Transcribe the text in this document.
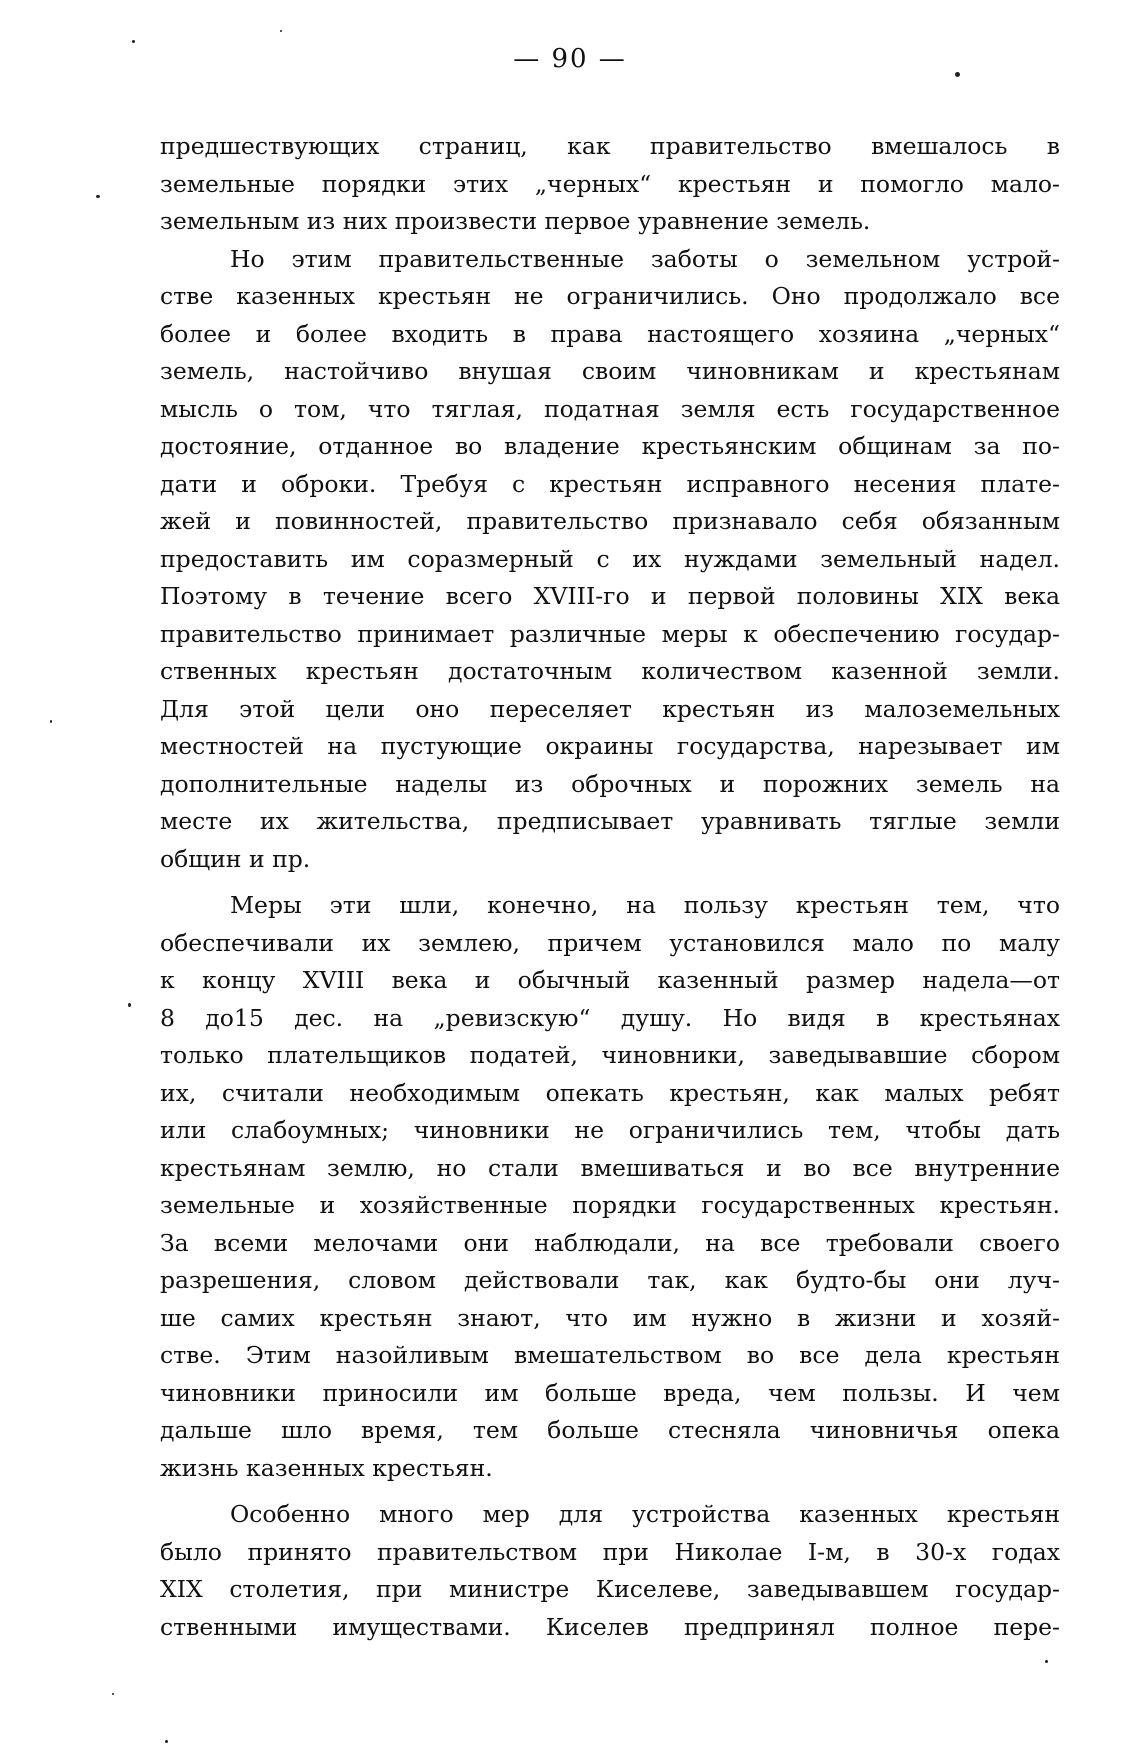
— 90 —
предшествующих страниц, как правительство вмешалось в
земельные порядки этих „черных“ крестьян и помогло мало-
земельным из них произвести первое уравнение земель.
Но этим правительственные заботы о земельном устрой-
стве казенных крестьян не ограничились. Оно продолжало все
более и более входить в права настоящего хозяина „черных“
земель, настойчиво внушая своим чиновникам и крестьянам
мысль о том, что тяглая, податная земля есть государственное
достояние, отданное во владение крестьянским общинам за по-
дати и оброки. Требуя с крестьян исправного несения плате-
жей и повинностей, правительство признавало себя обязанным
предоставить им соразмерный с их нуждами земельный надел.
Поэтому в течение всего XVIII-го и первой половины XIX века
правительство принимает различные меры к обеспечению государ-
ственных крестьян достаточным количеством казенной земли.
Для этой цели оно переселяет крестьян из малоземельных
местностей на пустующие окраины государства, нарезывает им
дополнительные наделы из оброчных и порожних земель на
месте их жительства, предписывает уравнивать тяглые земли
общин и пр.
Меры эти шли, конечно, на пользу крестьян тем, что
обеспечивали их землею, причем установился мало по малу
к концу XVIII века и обычный казенный размер надела—от
8 до15 дес. на „ревизскую“ душу. Но видя в крестьянах
только плательщиков податей, чиновники, заведывавшие сбором
их, считали необходимым опекать крестьян, как малых ребят
или слабоумных; чиновники не ограничились тем, чтобы дать
крестьянам землю, но стали вмешиваться и во все внутренние
земельные и хозяйственные порядки государственных крестьян.
За всеми мелочами они наблюдали, на все требовали своего
разрешения, словом действовали так, как будто-бы они луч-
ше самих крестьян знают, что им нужно в жизни и хозяй-
стве. Этим назойливым вмешательством во все дела крестьян
чиновники приносили им больше вреда, чем пользы. И чем
дальше шло время, тем больше стесняла чиновничья опека
жизнь казенных крестьян.
Особенно много мер для устройства казенных крестьян
было принято правительством при Николае I-м, в 30-х годах
XIX столетия, при министре Киселеве, заведывавшем государ-
ственными имуществами. Киселев предпринял полное пере-
